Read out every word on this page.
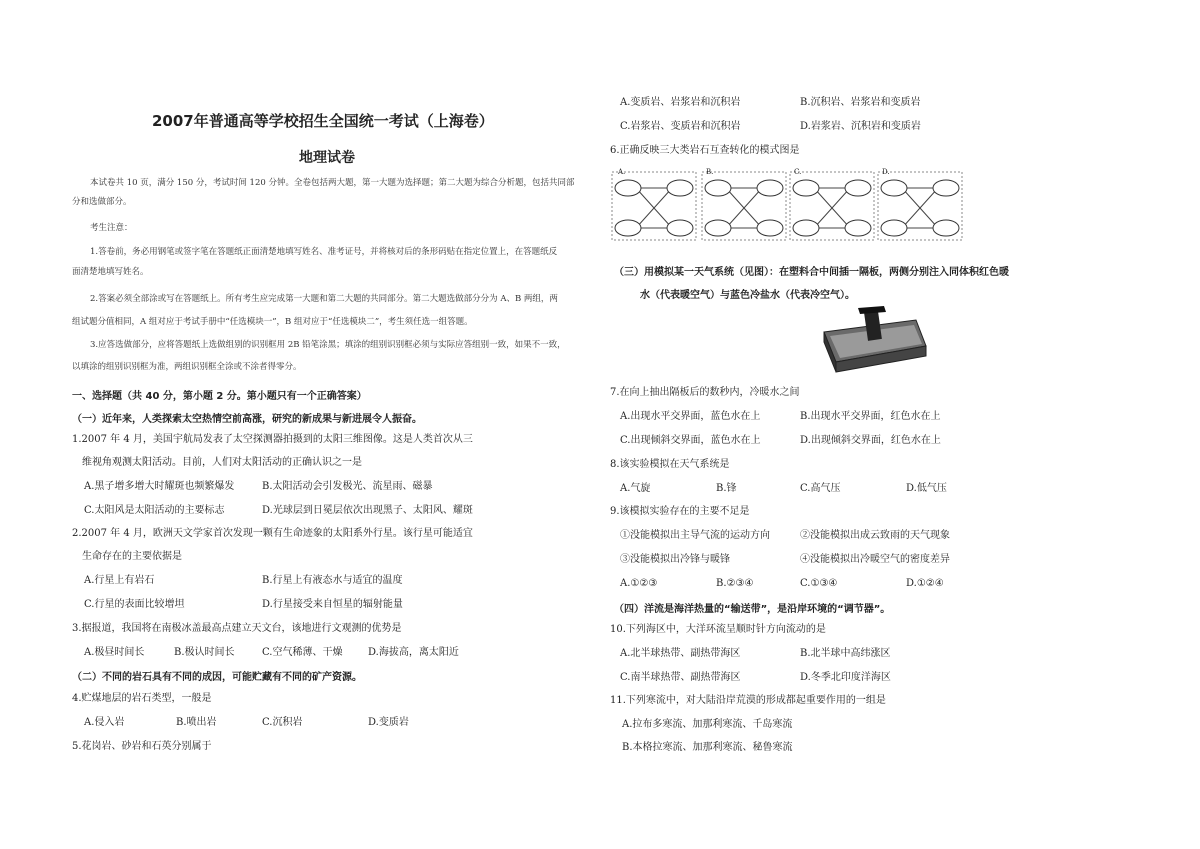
2007年普通高等学校招生全国统一考试（上海卷）
地理试卷
本试卷共 10 页，满分 150 分，考试时间 120 分钟。全卷包括两大题，第一大题为选择题；第二大题为综合分析题，包括共同部
分和选做部分。
考生注意：
1.答卷前，务必用钢笔或签字笔在答题纸正面清楚地填写姓名、准考证号，并将核对后的条形码贴在指定位置上，在答题纸反
面清楚地填写姓名。
2.答案必须全部涂或写在答题纸上。所有考生应完成第一大题和第二大题的共同部分。第二大题选做部分分为 A、B 两组，两
组试题分值相同，A 组对应于考试手册中“任选模块一”，B 组对应于“任选模块二”，考生须任选一组答题。
3.应答选做部分，应将答题纸上选做组别的识别框用 2B 铅笔涂黑；填涂的组别识别框必须与实际应答组别一致，如果不一致，
以填涂的组别识别框为准，两组识别框全涂或不涂者得零分。
一、选择题（共 40 分，第小题 2 分。第小题只有一个正确答案）
（一）近年来，人类探索太空热情空前高涨，研究的新成果与新进展令人振奋。
1.2007 年 4 月，美国宇航局发表了太空探测器拍摄到的太阳三维图像。这是人类首次从三
维视角观测太阳活动。目前，人们对太阳活动的正确认识之一是
A.黑子增多增大时耀斑也频繁爆发	B.太阳活动会引发极光、流星雨、磁暴
C.太阳风是太阳活动的主要标志	D.光球层到日冕层依次出现黑子、太阳风、耀斑
2.2007 年 4 月，欧洲天文学家首次发现一颗有生命迹象的太阳系外行星。该行星可能适宜
生命存在的主要依据是
A.行星上有岩石	B.行星上有液态水与适宜的温度
C.行星的表面比较增坦	D.行星接受来自恒星的辐射能量
3.据报道，我国将在南极冰盖最高点建立天文台，该地进行文观测的优势是
A.极昼时间长	B.极认时间长	C.空气稀薄、干燥	D.海拔高，离太阳近
（二）不同的岩石具有不同的成因，可能贮藏有不同的矿产资源。
4.贮煤地层的岩石类型，一般是
A.侵入岩	B.喷出岩	C.沉积岩	D.变质岩
5.花岗岩、砂岩和石英分别属于
A.变质岩、岩浆岩和沉积岩	B.沉积岩、岩浆岩和变质岩
C.岩浆岩、变质岩和沉积岩	D.岩浆岩、沉积岩和变质岩
6.正确反映三大类岩石互查转化的模式图是
A.	B.	C.	D.
（三）用模拟某一天气系统（见图）：在塑料合中间插一隔板，两侧分别注入同体积红色暖
水（代表暖空气）与蓝色冷盐水（代表冷空气）。
7.在向上抽出隔板后的数秒内，冷暖水之间
A.出现水平交界面，蓝色水在上	B.出现水平交界面，红色水在上
C.出现倾斜交界面，蓝色水在上	D.出现倾斜交界面，红色水在上
8.该实验模拟在天气系统是
A.气旋	B.锋	C.高气压	D.低气压
9.该模拟实验存在的主要不足是
①没能模拟出主导气流的运动方向	②没能模拟出成云致雨的天气现象
③没能模拟出冷锋与暖锋	④没能模拟出冷暖空气的密度差异
A.①②③	B.②③④	C.①③④	D.①②④
（四）洋流是海洋热量的“输送带”，是沿岸环境的“调节器”。
10.下列海区中，大洋环流呈顺时针方向流动的是
A.北半球热带、副热带海区	B.北半球中高纬涨区
C.南半球热带、副热带海区	D.冬季北印度洋海区
11.下列寒流中，对大陆沿岸荒漠的形成都起重要作用的一组是
A.拉布多寒流、加那利寒流、千岛寒流
B.本格拉寒流、加那利寒流、秘鲁寒流
